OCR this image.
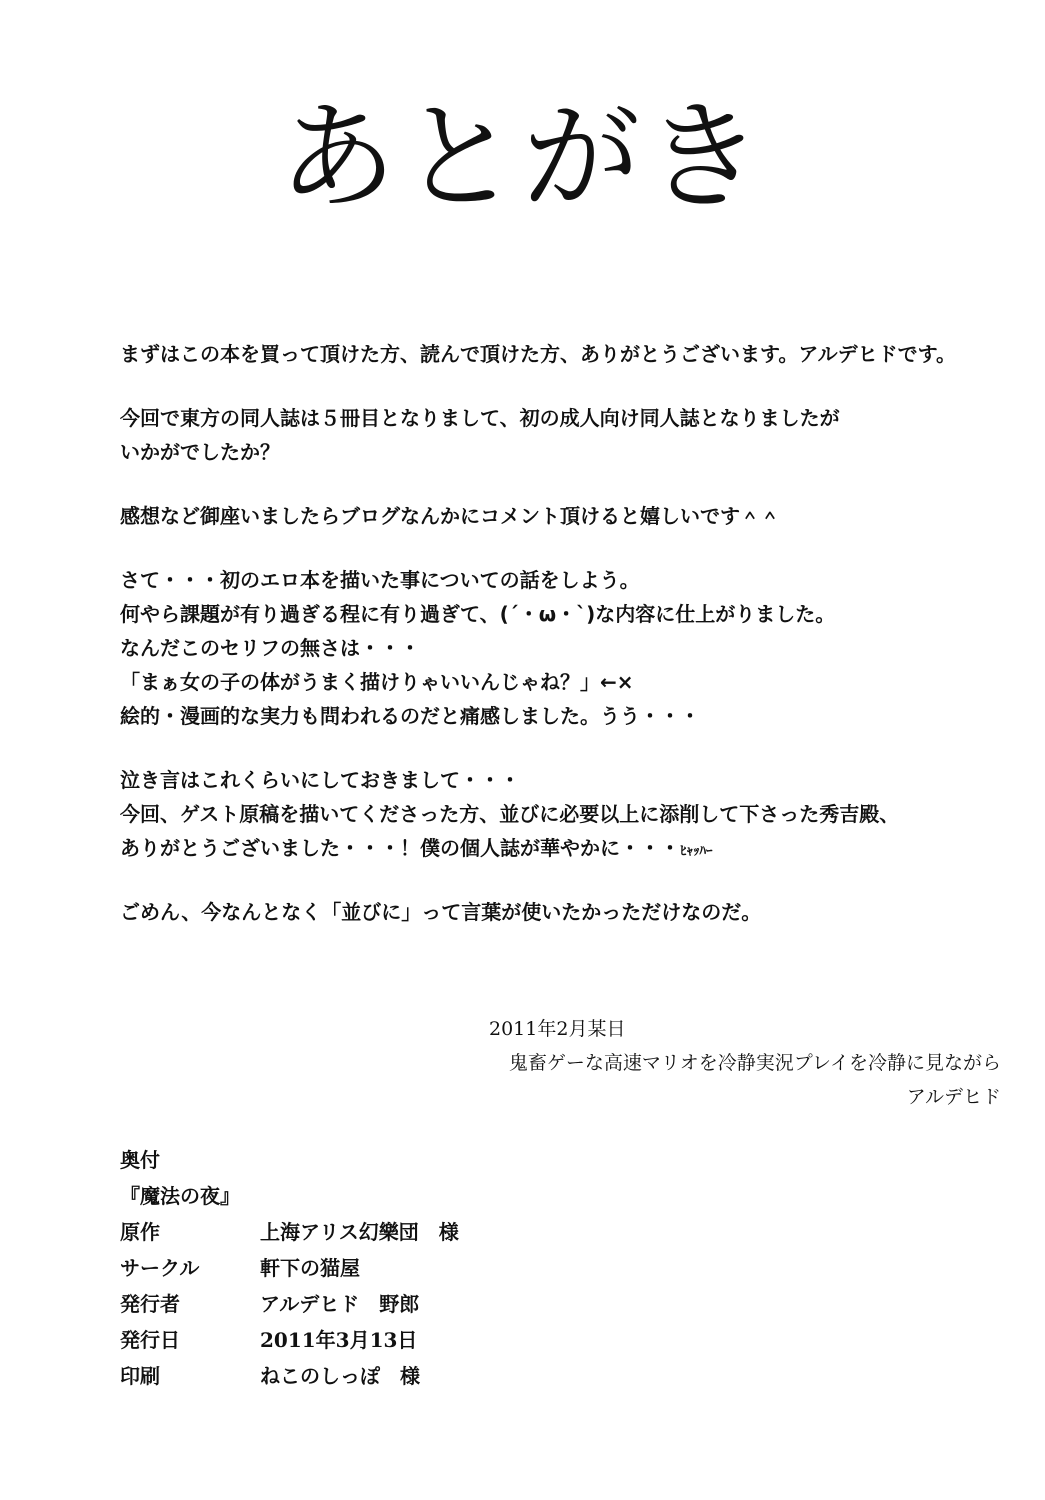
あとがき
まずはこの本を買って頂けた方、読んで頂けた方、ありがとうございます。アルデヒドです。
今回で東方の同人誌は５冊目となりまして、初の成人向け同人誌となりましたが
いかがでしたか？
感想など御座いましたらブログなんかにコメント頂けると嬉しいです＾＾
さて・・・初のエロ本を描いた事についての話をしよう。
何やら課題が有り過ぎる程に有り過ぎて、(´・ω・`)な内容に仕上がりました。
なんだこのセリフの無さは・・・
「まぁ女の子の体がうまく描けりゃいいんじゃね？」←×
絵的・漫画的な実力も問われるのだと痛感しました。うう・・・
泣き言はこれくらいにしておきまして・・・
今回、ゲスト原稿を描いてくださった方、並びに必要以上に添削して下さった秀吉殿、
ありがとうございました・・・！僕の個人誌が華やかに・・・ﾋｬｯﾊｰ
ごめん、今なんとなく「並びに」って言葉が使いたかっただけなのだ。
2011年2月某日
鬼畜ゲーな高速マリオを冷静実況プレイを冷静に見ながら
アルデヒド
奥付
『魔法の夜』
原作	上海アリス幻樂団　様
サークル	軒下の猫屋
発行者	アルデヒド　野郎
発行日	2011年3月13日
印刷	ねこのしっぽ　様
